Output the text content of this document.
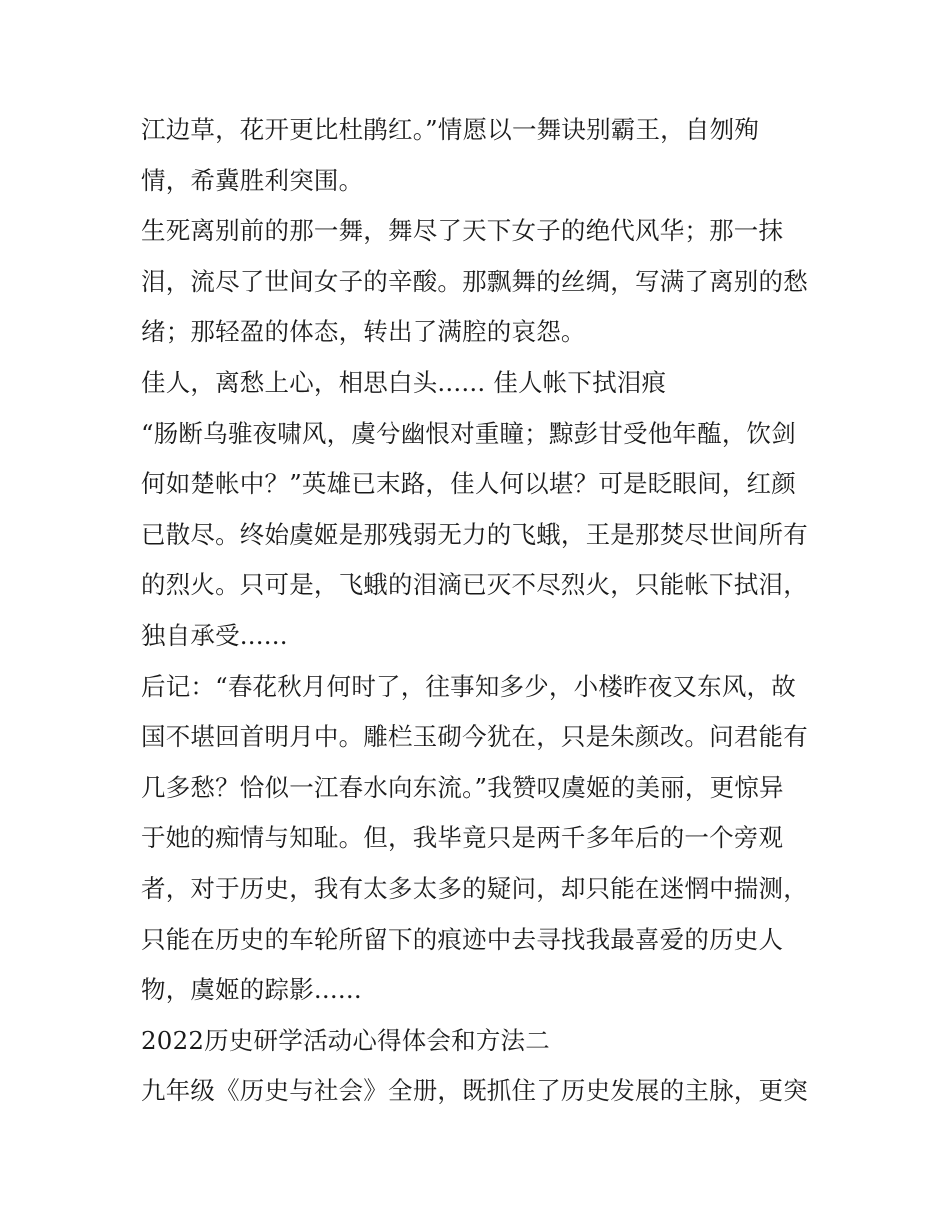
江边草，花开更比杜鹃红。”情愿以一舞诀别霸王，自刎殉

情，希冀胜利突围。

生死离别前的那一舞，舞尽了天下女子的绝代风华；那一抹

泪，流尽了世间女子的辛酸。那飘舞的丝绸，写满了离别的愁

绪；那轻盈的体态，转出了满腔的哀怨。

佳人，离愁上心，相思白头...... 佳人帐下拭泪痕

“肠断乌骓夜啸风，虞兮幽恨对重瞳；黥彭甘受他年醢，饮剑

何如楚帐中？”英雄已末路，佳人何以堪？可是眨眼间，红颜

已散尽。终始虞姬是那残弱无力的飞蛾，王是那焚尽世间所有

的烈火。只可是，飞蛾的泪滴已灭不尽烈火，只能帐下拭泪，

独自承受......

后记：“春花秋月何时了，往事知多少，小楼昨夜又东风，故

国不堪回首明月中。雕栏玉砌今犹在，只是朱颜改。问君能有

几多愁？恰似一江春水向东流。”我赞叹虞姬的美丽，更惊异

于她的痴情与知耻。但，我毕竟只是两千多年后的一个旁观

者，对于历史，我有太多太多的疑问，却只能在迷惘中揣测，

只能在历史的车轮所留下的痕迹中去寻找我最喜爱的历史人

物，虞姬的踪影......

2022历史研学活动心得体会和方法二

九年级《历史与社会》全册，既抓住了历史发展的主脉，更突
